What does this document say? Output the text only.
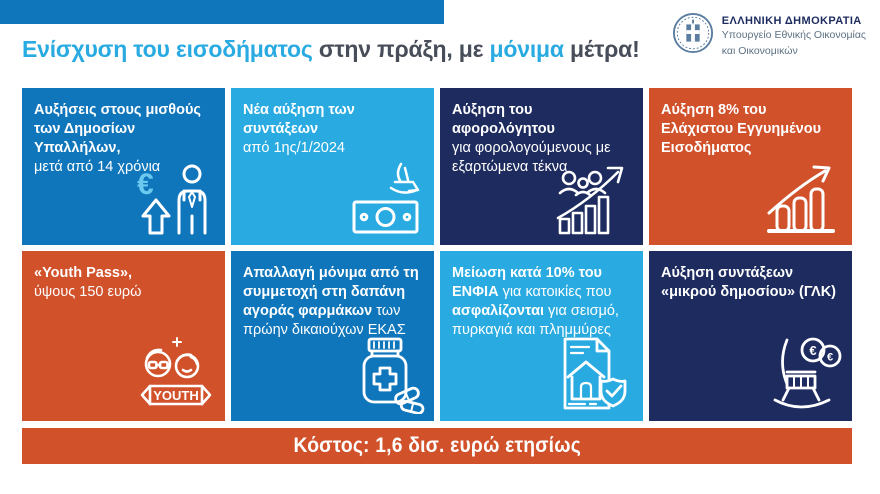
Ενίσχυση του εισοδήματος στην πράξη, με μόνιμα μέτρα!
ΕΛΛΗΝΙΚΗ ΔΗΜΟΚΡΑΤΙΑ
Υπουργείο Εθνικής Οικονομίας
και Οικονομικών
Αυξήσεις στους μισθούς των Δημοσίων Υπαλλήλων,
μετά από 14 χρόνια
€
Νέα αύξηση των συντάξεων
από 1ης/1/2024
Αύξηση του αφορολόγητου
για φορολογούμενους με εξαρτώμενα τέκνα
Αύξηση 8% του Ελάχιστου Εγγυημένου Εισοδήματος
«Youth Pass»,
ύψους 150 ευρώ
YOUTH
Απαλλαγή μόνιμα από τη συμμετοχή στη δαπάνη αγοράς φαρμάκων των πρώην δικαιούχων ΕΚΑΣ
Μείωση κατά 10% του ΕΝΦΙΑ για κατοικίες που ασφαλίζονται για σεισμό, πυρκαγιά και πλημμύρες
Αύξηση συντάξεων «μικρού δημοσίου» (ΓΛΚ)
€ €
Κόστος: 1,6 δισ. ευρώ ετησίως
